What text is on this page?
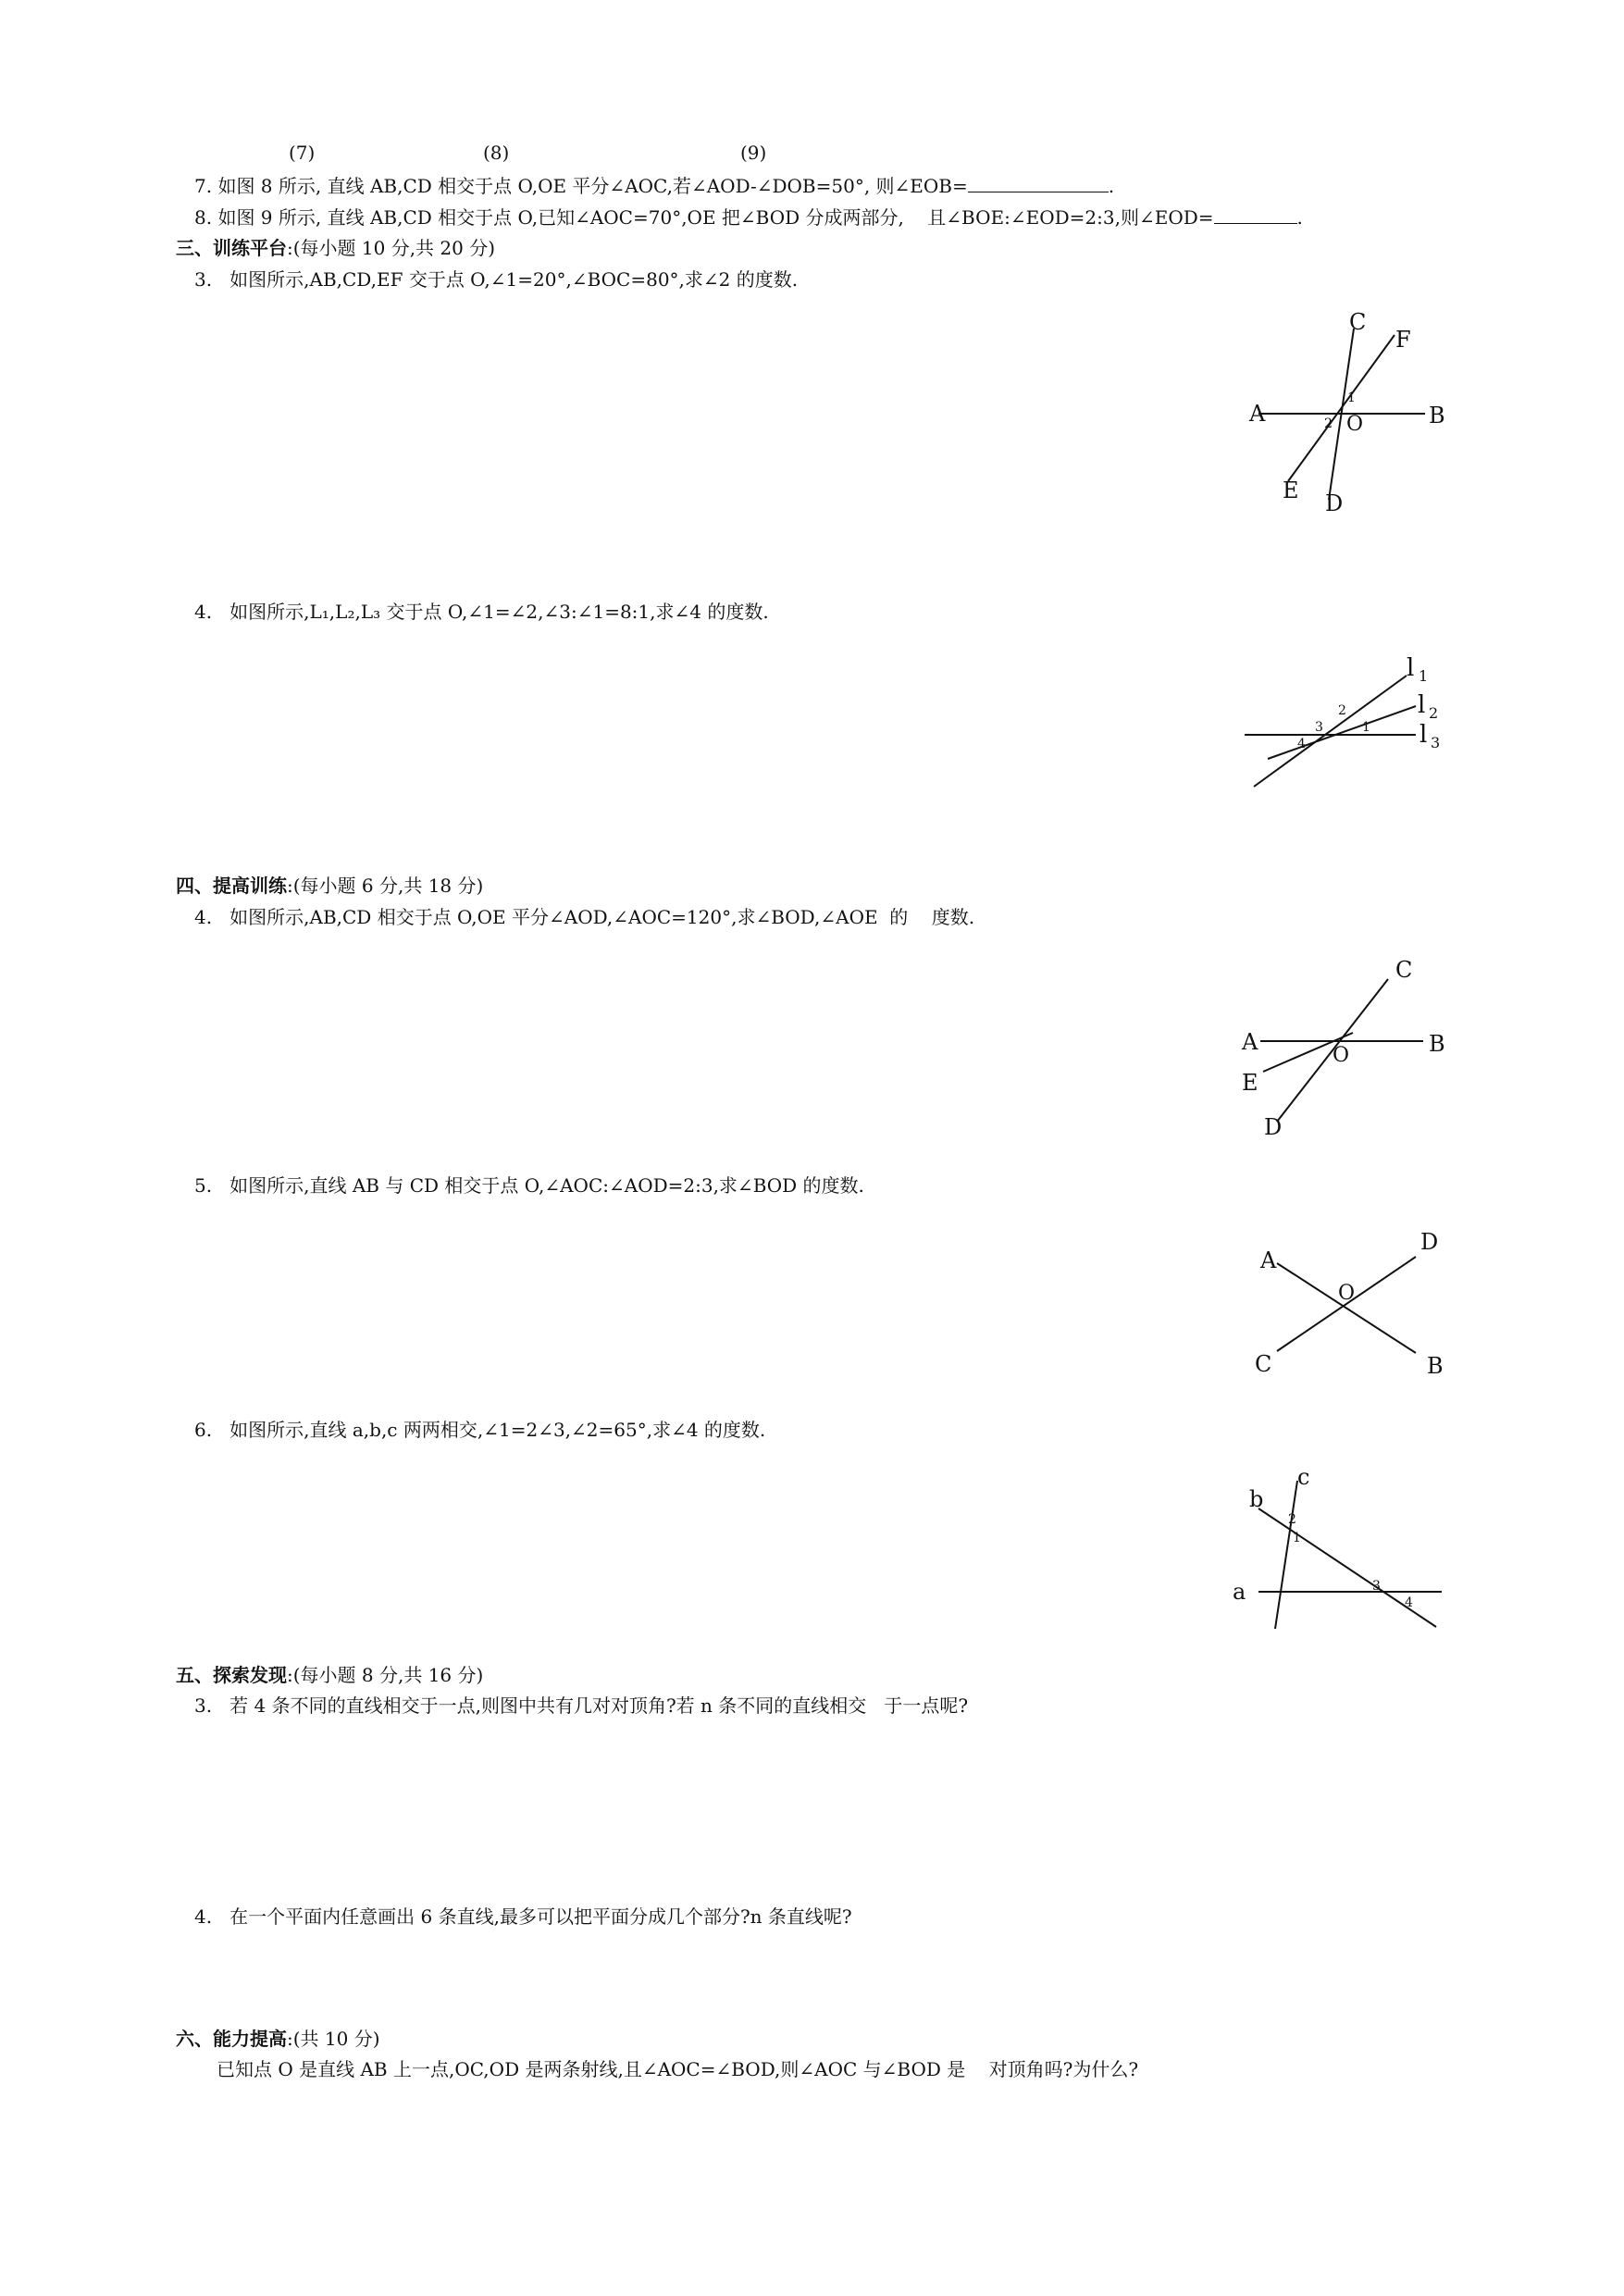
(7)	(8)	(9)
7. 如图 8 所示, 直线 AB,CD 相交于点 O,OE 平分∠AOC,若∠AOD-∠DOB=50°, 则∠EOB=	.
8. 如图 9 所示, 直线 AB,CD 相交于点 O,已知∠AOC=70°,OE 把∠BOD 分成两部分,    且∠BOE:∠EOD=2:3,则∠EOD=	.
三、训练平台:(每小题 10 分,共 20 分)
3.   如图所示,AB,CD,EF 交于点 O,∠1=20°,∠BOC=80°,求∠2 的度数.
C
F
A	B
O
E D
1
2
4.   如图所示,L₁,L₂,L₃ 交于点 O,∠1=∠2,∠3:∠1=8:1,求∠4 的度数.
l 1
l 2
l 3
1
2
3
4
四、提高训练:(每小题 6 分,共 18 分)
4.   如图所示,AB,CD 相交于点 O,OE 平分∠AOD,∠AOC=120°,求∠BOD,∠AOE  的    度数.
C
A
O	B
E
D
5.   如图所示,直线 AB 与 CD 相交于点 O,∠AOC:∠AOD=2:3,求∠BOD 的度数.
A
D
O
C	B
6.   如图所示,直线 a,b,c 两两相交,∠1=2∠3,∠2=65°,求∠4 的度数.
b
c
a
1
2
3
4
五、探索发现:(每小题 8 分,共 16 分)
3.   若 4 条不同的直线相交于一点,则图中共有几对对顶角?若 n 条不同的直线相交   于一点呢?
4.   在一个平面内任意画出 6 条直线,最多可以把平面分成几个部分?n 条直线呢?
六、能力提高:(共 10 分)
已知点 O 是直线 AB 上一点,OC,OD 是两条射线,且∠AOC=∠BOD,则∠AOC 与∠BOD 是    对顶角吗?为什么?
